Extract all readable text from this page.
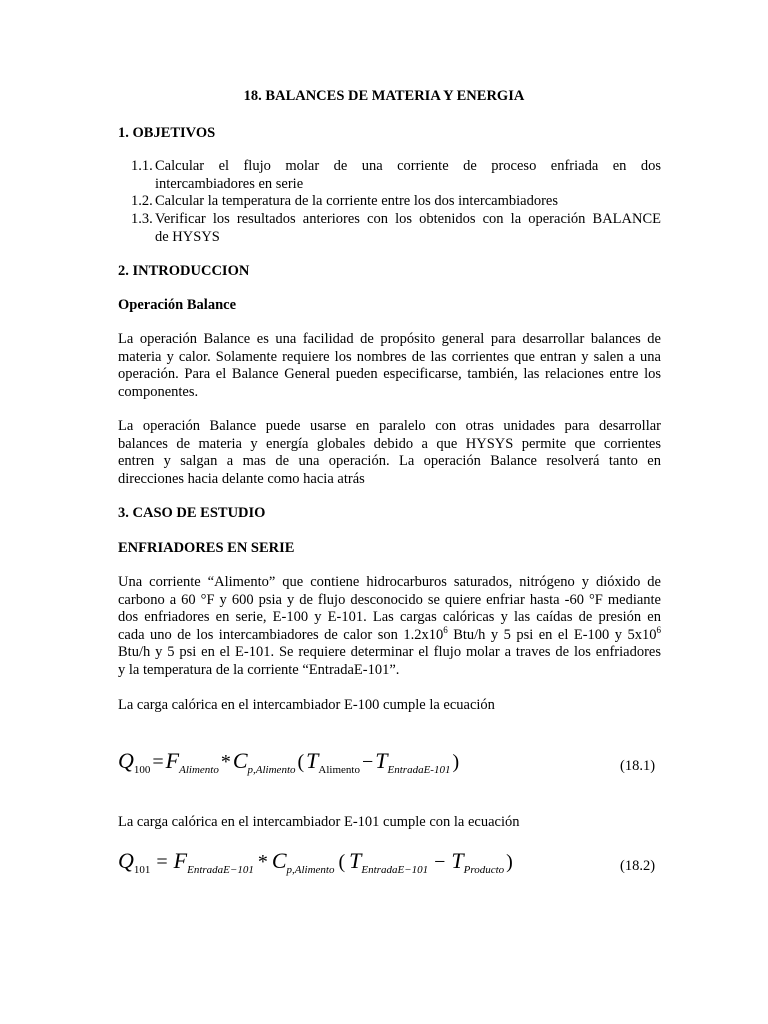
18. BALANCES DE MATERIA Y ENERGIA
1. OBJETIVOS
1.1. Calcular el flujo molar de una corriente de proceso enfriada en dos
intercambiadores en serie
1.2. Calcular la temperatura de la corriente entre los dos intercambiadores
1.3. Verificar los resultados anteriores con los obtenidos con la operación BALANCE
de HYSYS
2. INTRODUCCION
Operación Balance
La operación Balance es una facilidad de propósito general para desarrollar balances de
materia y calor. Solamente requiere los nombres de las corrientes que entran y salen a una
operación. Para el Balance General pueden especificarse, también, las relaciones entre los
componentes.
La operación Balance puede usarse en paralelo con otras unidades para desarrollar
balances de materia y energía globales debido a que HYSYS permite que corrientes
entren y salgan a mas de una operación. La operación Balance resolverá tanto en
direcciones hacia delante como hacia atrás
3. CASO DE ESTUDIO
ENFRIADORES EN SERIE
Una corriente “Alimento” que contiene hidrocarburos saturados, nitrógeno y dióxido de
carbono a 60 °F y 600 psia y de flujo desconocido se quiere enfriar hasta -60 °F mediante
dos enfriadores en serie, E-100 y E-101. Las cargas calóricas y las caídas de presión en
cada uno de los intercambiadores de calor son $1.2x10^6$ Btu/h y 5 psi en el E-100 y $5x10^6$
Btu/h y 5 psi en el E-101. Se requiere determinar el flujo molar a traves de los enfriadores
y la temperatura de la corriente “EntradaE-101”.
La carga calórica en el intercambiador E-100 cumple la ecuación
$Q_{100} =F_{Alimento}$ $*C_{p,Alimento}$ ($T_{Alimento} -T_{EntradaE-101}$ )	(18.1)
La carga calórica en el intercambiador E-101 cumple con la ecuación
$Q_{101} = F_{EntradaE-101} * C_{p,Alimento}$ ( $T_{EntradaE-101} - T_{Producto}$ )	(18.2)
